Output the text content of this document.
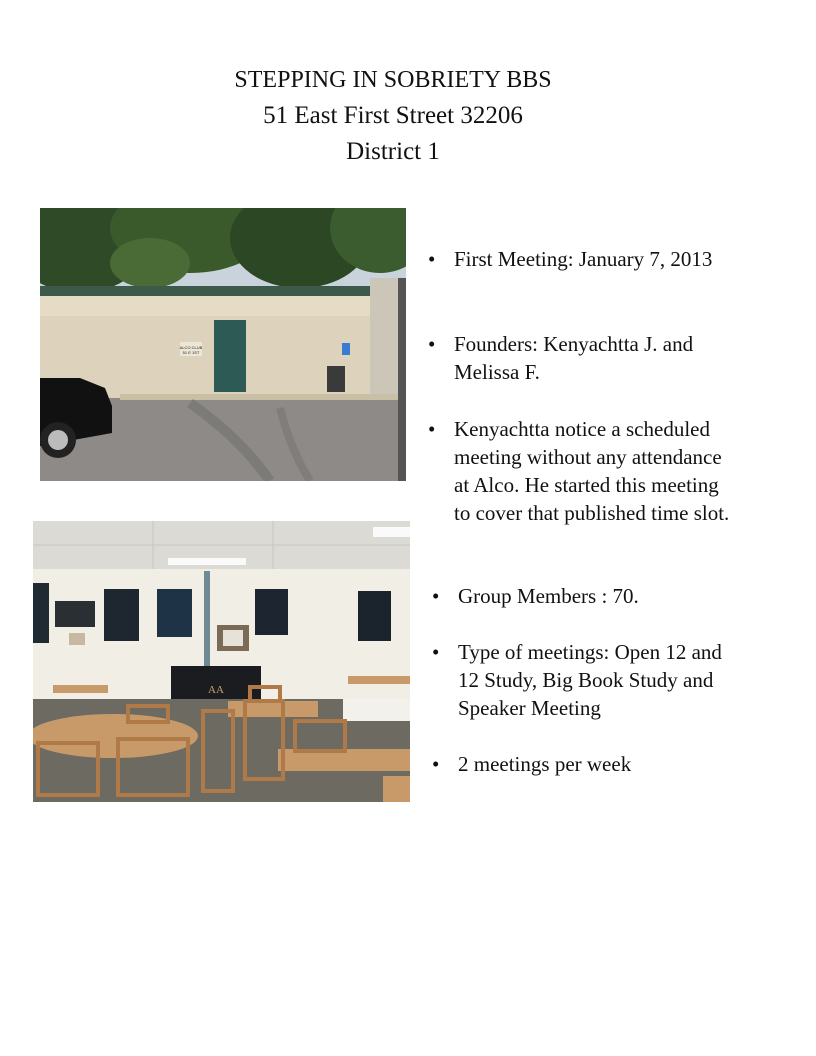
STEPPING IN SOBRIETY BBS
51 East First Street 32206
District 1
ALCO CLUB
51 E 1ST
AA
• First Meeting: January 7, 2013
• Founders: Kenyachtta J. and Melissa F.
• Kenyachtta notice a scheduled meeting without any attendance at Alco. He started this meeting to cover that published time slot.
• Group Members : 70.
• Type of meetings: Open 12 and 12 Study, Big Book Study and Speaker Meeting
• 2 meetings per week
